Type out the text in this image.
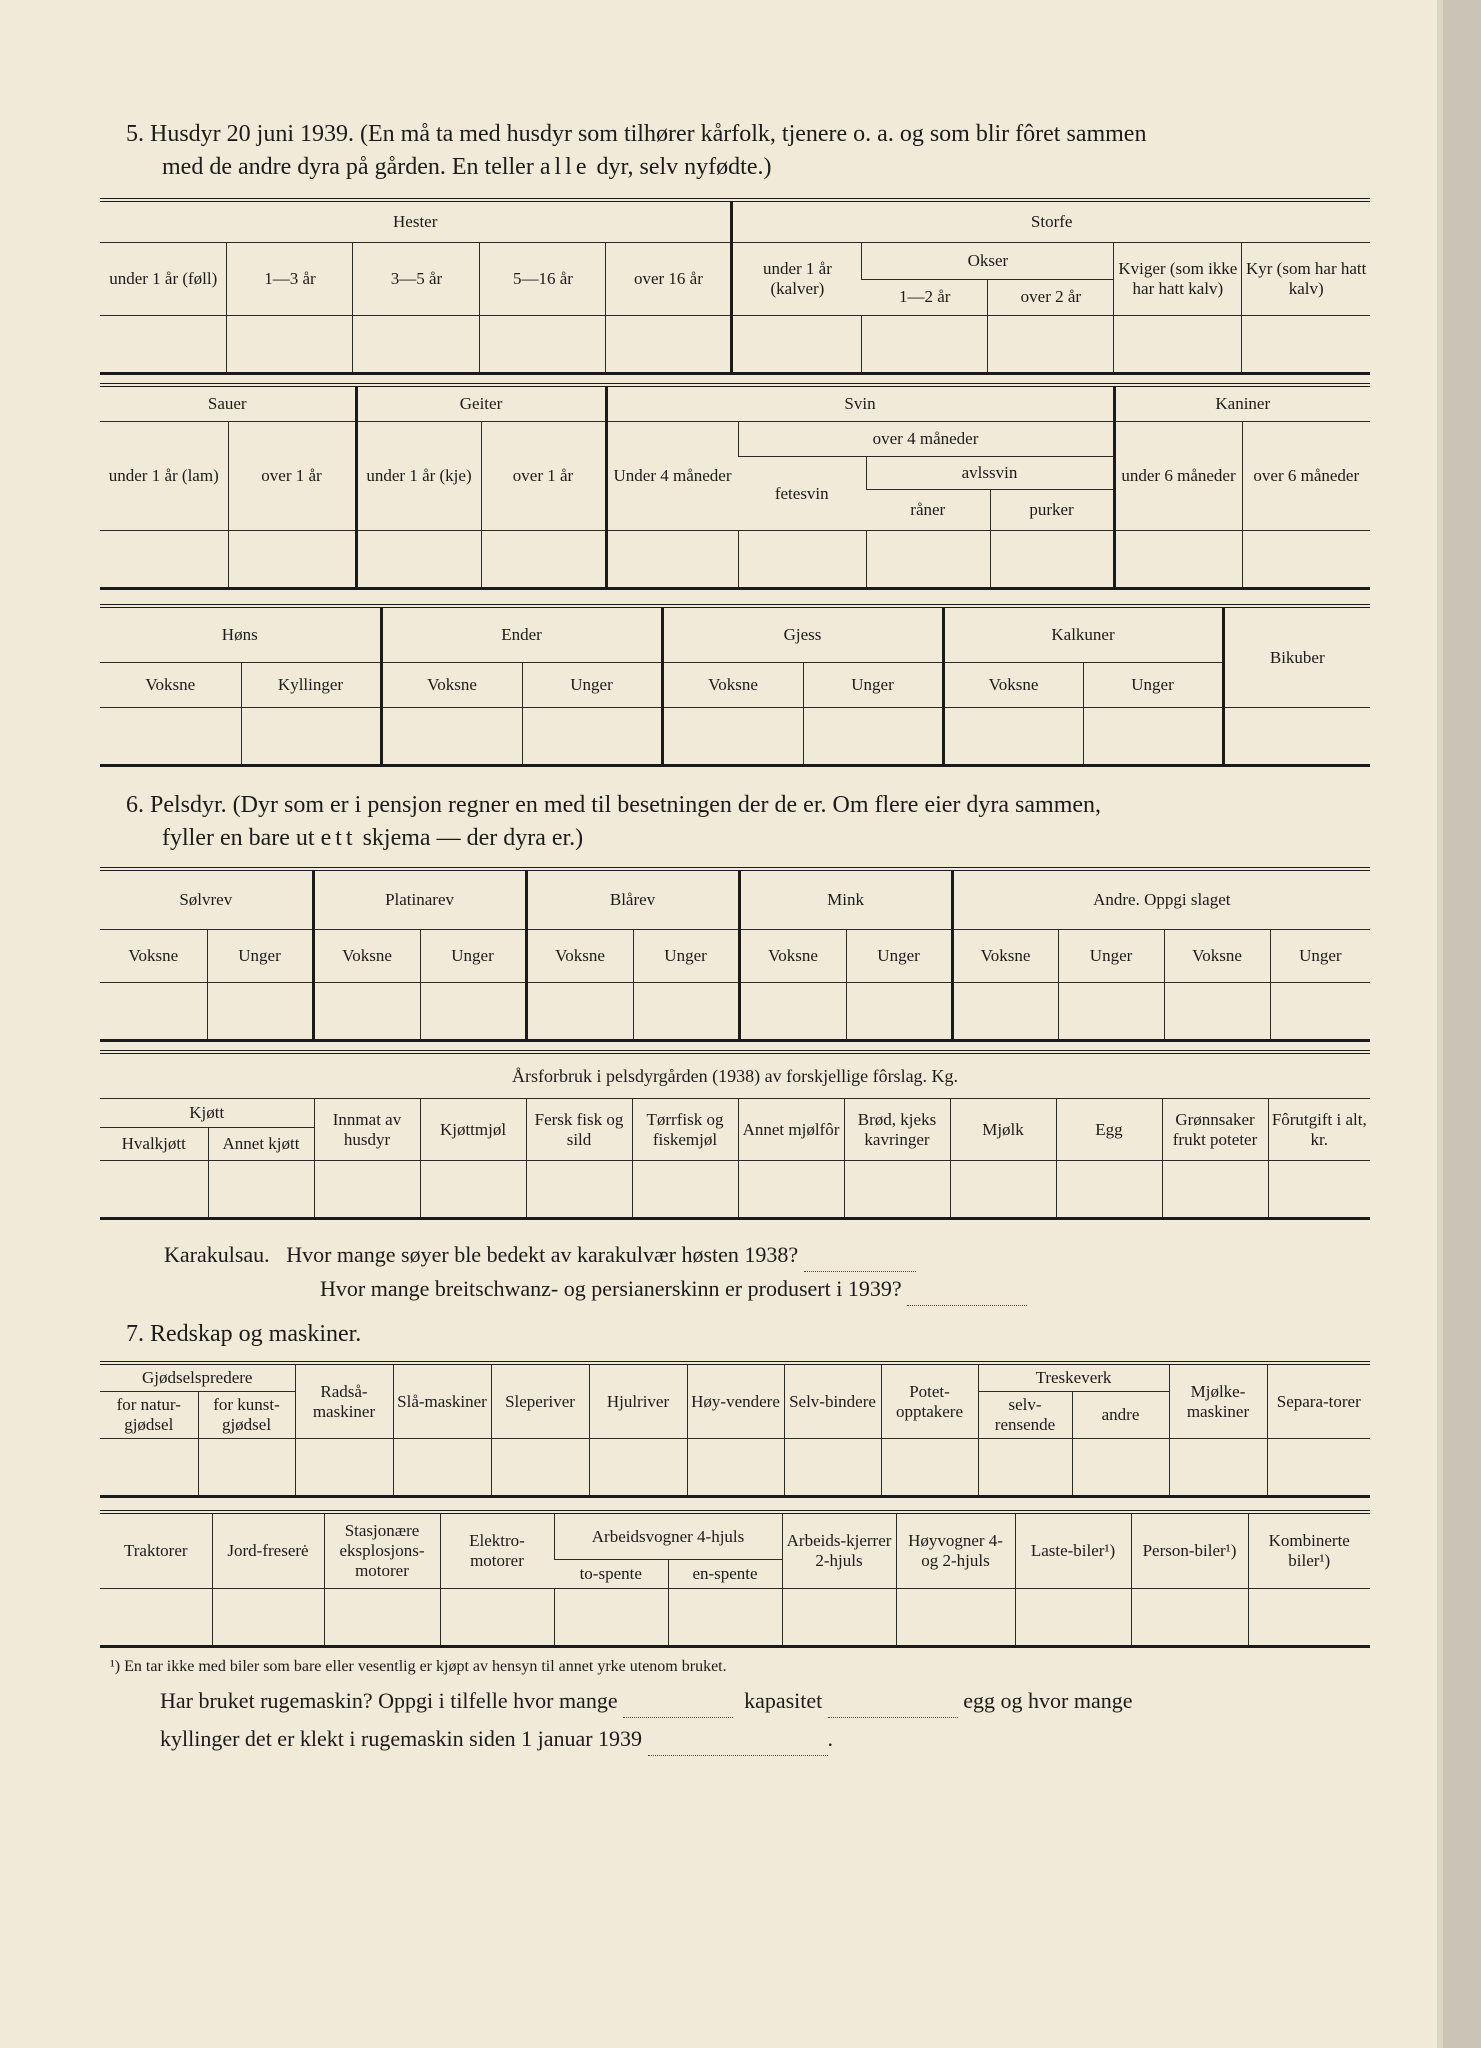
5. Husdyr 20 juni 1939. (En må ta med husdyr som tilhører kårfolk, tjenere o. a. og som blir fôret sammen
med de andre dyra på gården. En teller alle dyr, selv nyfødte.)
Hester					Storfe				
under 1 år (føll)	1—3 år	3—5 år	5—16 år	over 16 år	under 1 år (kalver)	Okser		Kviger (som ikke har hatt kalv)	Kyr (som har hatt kalv)
						1—2 år	over 2 år		

Sauer		Geiter		Svin				Kaniner	
under 1 år (lam)	over 1 år	under 1 år (kje)	over 1 år	Under 4 måneder	over 4 måneder			under 6 måneder	over 6 måneder
					fetesvin	avlssvin			
						råner	purker		

Høns		Ender		Gjess		Kalkuner		Bikuber
Voksne	Kyllinger	Voksne	Unger	Voksne	Unger	Voksne	Unger	

6. Pelsdyr. (Dyr som er i pensjon regner en med til besetningen der de er. Om flere eier dyra sammen,
fyller en bare ut ett skjema — der dyra er.)
Sølvrev		Platinarev		Blårev		Mink		Andre. Oppgi slaget			
Voksne	Unger	Voksne	Unger	Voksne	Unger	Voksne	Unger	Voksne	Unger	Voksne	Unger

Årsforbruk i pelsdyrgården (1938) av forskjellige fôrslag. Kg.											
Kjøtt		Innmat av husdyr	Kjøttmjøl	Fersk fisk og sild	Tørrfisk og fiskemjøl	Annet mjølfôr	Brød, kjeks kavringer	Mjølk	Egg	Grønnsaker frukt poteter	Fôrutgift i alt, kr.
Hvalkjøtt	Annet kjøtt										

Karakulsau. Hvor mange søyer ble bedekt av karakulvær høsten 1938?
Hvor mange breitschwanz- og persianerskinn er produsert i 1939?
7. Redskap og maskiner.
Gjødselspredere		Radså-maskiner	Slå-maskiner	Sleperiver	Hjulriver	Høy-vendere	Selv-bindere	Potet-opptakere	Treskeverk		Mjølke-maskiner	Separa-torer
for natur-gjødsel	for kunst-gjødsel								selv-rensende	andre		

Traktorer	Jord-freserė	Stasjonære eksplosjons-motorer	Elektro-motorer	Arbeidsvogner 4-hjuls		Arbeids-kjerrer 2-hjuls	Høyvogner 4- og 2-hjuls	Laste-biler¹)	Person-biler¹)	Kombinerte biler¹)
				to-spente	en-spente					

¹) En tar ikke med biler som bare eller vesentlig er kjøpt av hensyn til annet yrke utenom bruket.
Har bruket rugemaskin? Oppgi i tilfelle hvor mange	kapasitet	egg og hvor mange
kyllinger det er klekt i rugemaskin siden 1 januar 1939	.
